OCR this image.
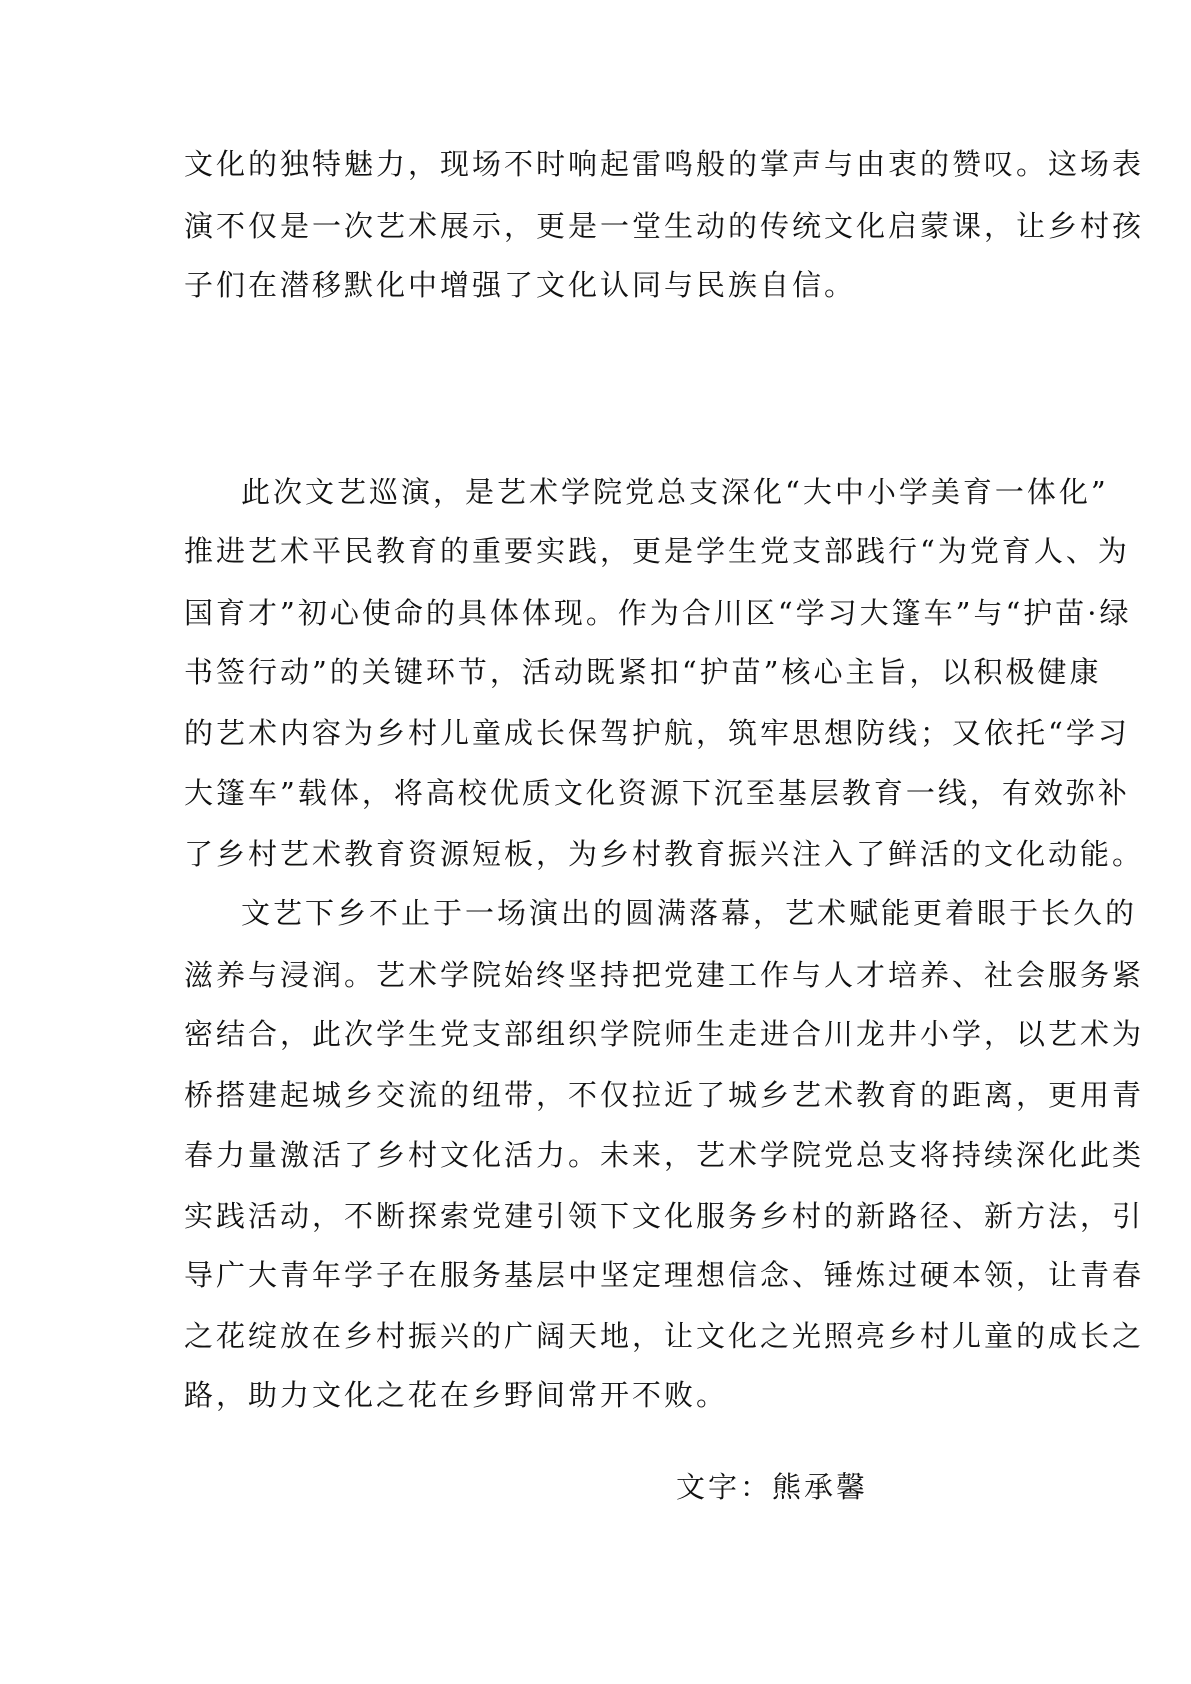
文化的独特魅力，现场不时响起雷鸣般的掌声与由衷的赞叹。这场表
演不仅是一次艺术展示，更是一堂生动的传统文化启蒙课，让乡村孩
子们在潜移默化中增强了文化认同与民族自信。
此次文艺巡演，是艺术学院党总支深化“大中小学美育一体化”
推进艺术平民教育的重要实践，更是学生党支部践行“为党育人、为
国育才”初心使命的具体体现。作为合川区“学习大篷车”与“护苗·绿
书签行动”的关键环节，活动既紧扣“护苗”核心主旨，以积极健康
的艺术内容为乡村儿童成长保驾护航，筑牢思想防线；又依托“学习
大篷车”载体，将高校优质文化资源下沉至基层教育一线，有效弥补
了乡村艺术教育资源短板，为乡村教育振兴注入了鲜活的文化动能。
文艺下乡不止于一场演出的圆满落幕，艺术赋能更着眼于长久的
滋养与浸润。艺术学院始终坚持把党建工作与人才培养、社会服务紧
密结合，此次学生党支部组织学院师生走进合川龙井小学，以艺术为
桥搭建起城乡交流的纽带，不仅拉近了城乡艺术教育的距离，更用青
春力量激活了乡村文化活力。未来，艺术学院党总支将持续深化此类
实践活动，不断探索党建引领下文化服务乡村的新路径、新方法，引
导广大青年学子在服务基层中坚定理想信念、锤炼过硬本领，让青春
之花绽放在乡村振兴的广阔天地，让文化之光照亮乡村儿童的成长之
路，助力文化之花在乡野间常开不败。
文字：熊承馨
